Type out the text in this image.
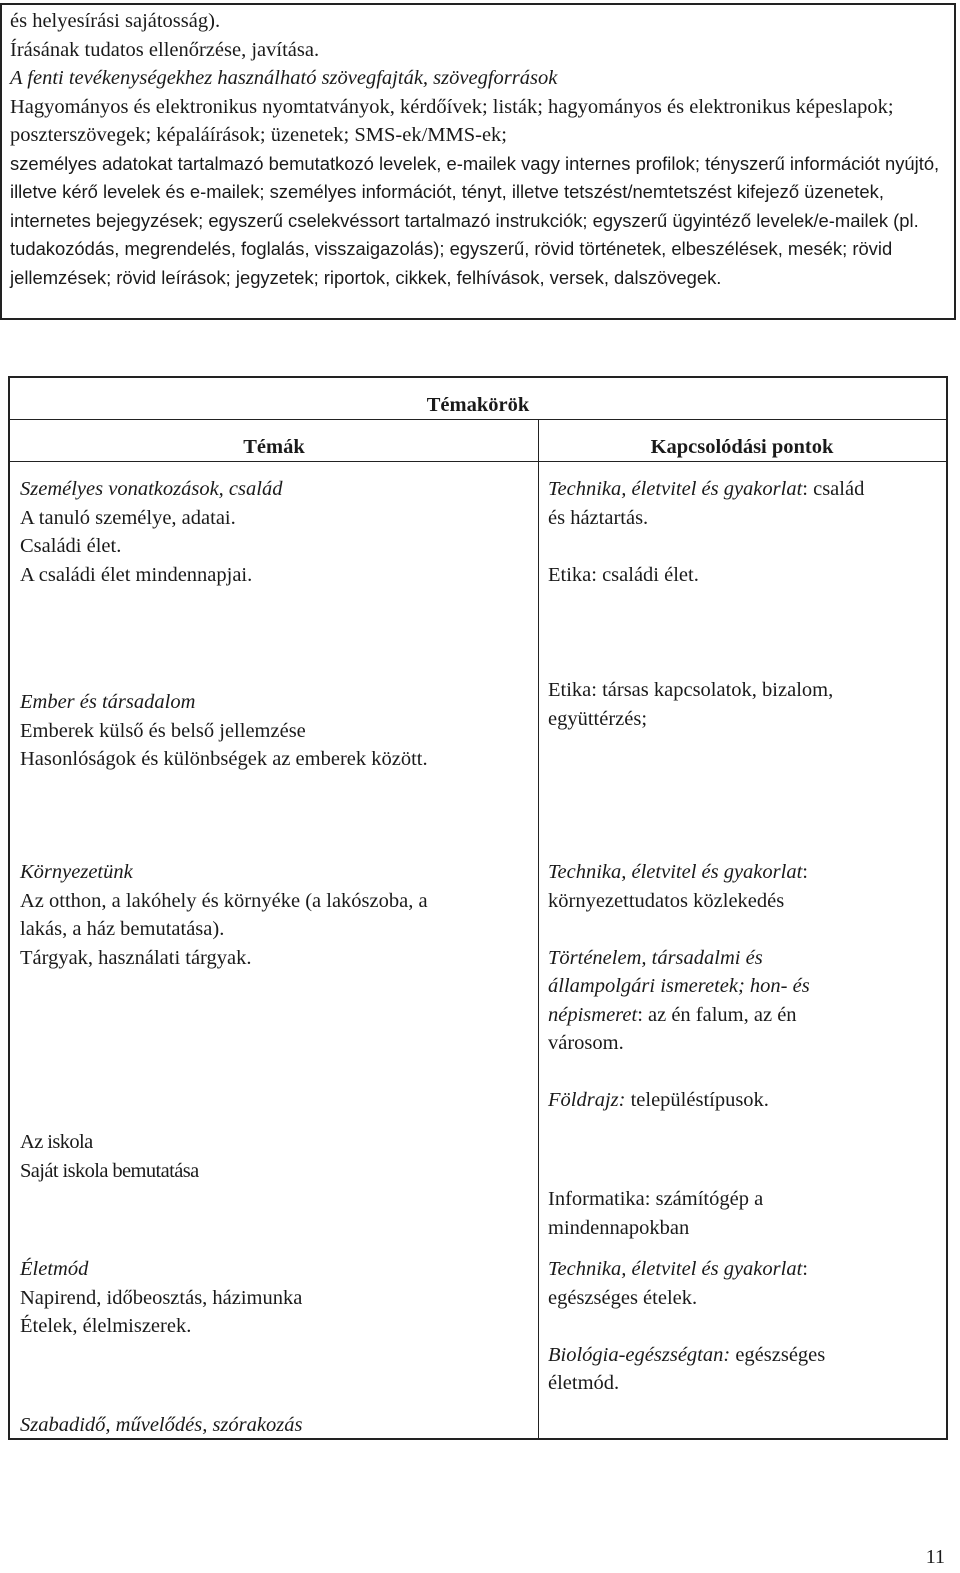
és helyesírási sajátosság).

Írásának tudatos ellenőrzése, javítása.

A fenti tevékenységekhez használható szövegfajták, szövegforrások

Hagyományos és elektronikus nyomtatványok, kérdőívek; listák; hagyományos és elektronikus képeslapok; poszterszövegek; képaláírások; üzenetek; SMS-ek/MMS-ek;

személyes adatokat tartalmazó bemutatkozó levelek, e-mailek vagy internes profilok; tényszerű információt nyújtó, illetve kérő levelek és e-mailek; személyes információt, tényt, illetve tetszést/nemtetszést kifejező üzenetek, internetes bejegyzések; egyszerű cselekvéssort tartalmazó instrukciók; egyszerű ügyintéző levelek/e-mailek (pl. tudakozódás, megrendelés, foglalás, visszaigazolás); egyszerű, rövid történetek, elbeszélések, mesék; rövid jellemzések; rövid leírások; jegyzetek; riportok, cikkek, felhívások, versek, dalszövegek.

Témakörök
Témák	Kapcsolódási pontok

Személyes vonatkozások, család

A tanuló személye, adatai.

Családi élet.

A családi élet mindennapjai.

Technika, életvitel és gyakorlat: család

és háztartás.

Etika: családi élet.

Ember és társadalom

Emberek külső és belső jellemzése

Hasonlóságok és különbségek az emberek között.

Etika: társas kapcsolatok, bizalom,

együttérzés;

Környezetünk

Az otthon, a lakóhely és környéke (a lakószoba, a

lakás, a ház bemutatása).

Tárgyak, használati tárgyak.

Technika, életvitel és gyakorlat:

környezettudatos közlekedés

Történelem, társadalmi és

állampolgári ismeretek; hon- és

népismeret: az én falum, az én

városom.

Földrajz: településtípusok.

Az iskola

Saját iskola bemutatása

Informatika: számítógép a

mindennapokban

Életmód

Napirend, időbeosztás, házimunka

Ételek, élelmiszerek.

Technika, életvitel és gyakorlat:

egészséges ételek.

Biológia-egészségtan: egészséges

életmód.

Szabadidő, művelődés, szórakozás

11
